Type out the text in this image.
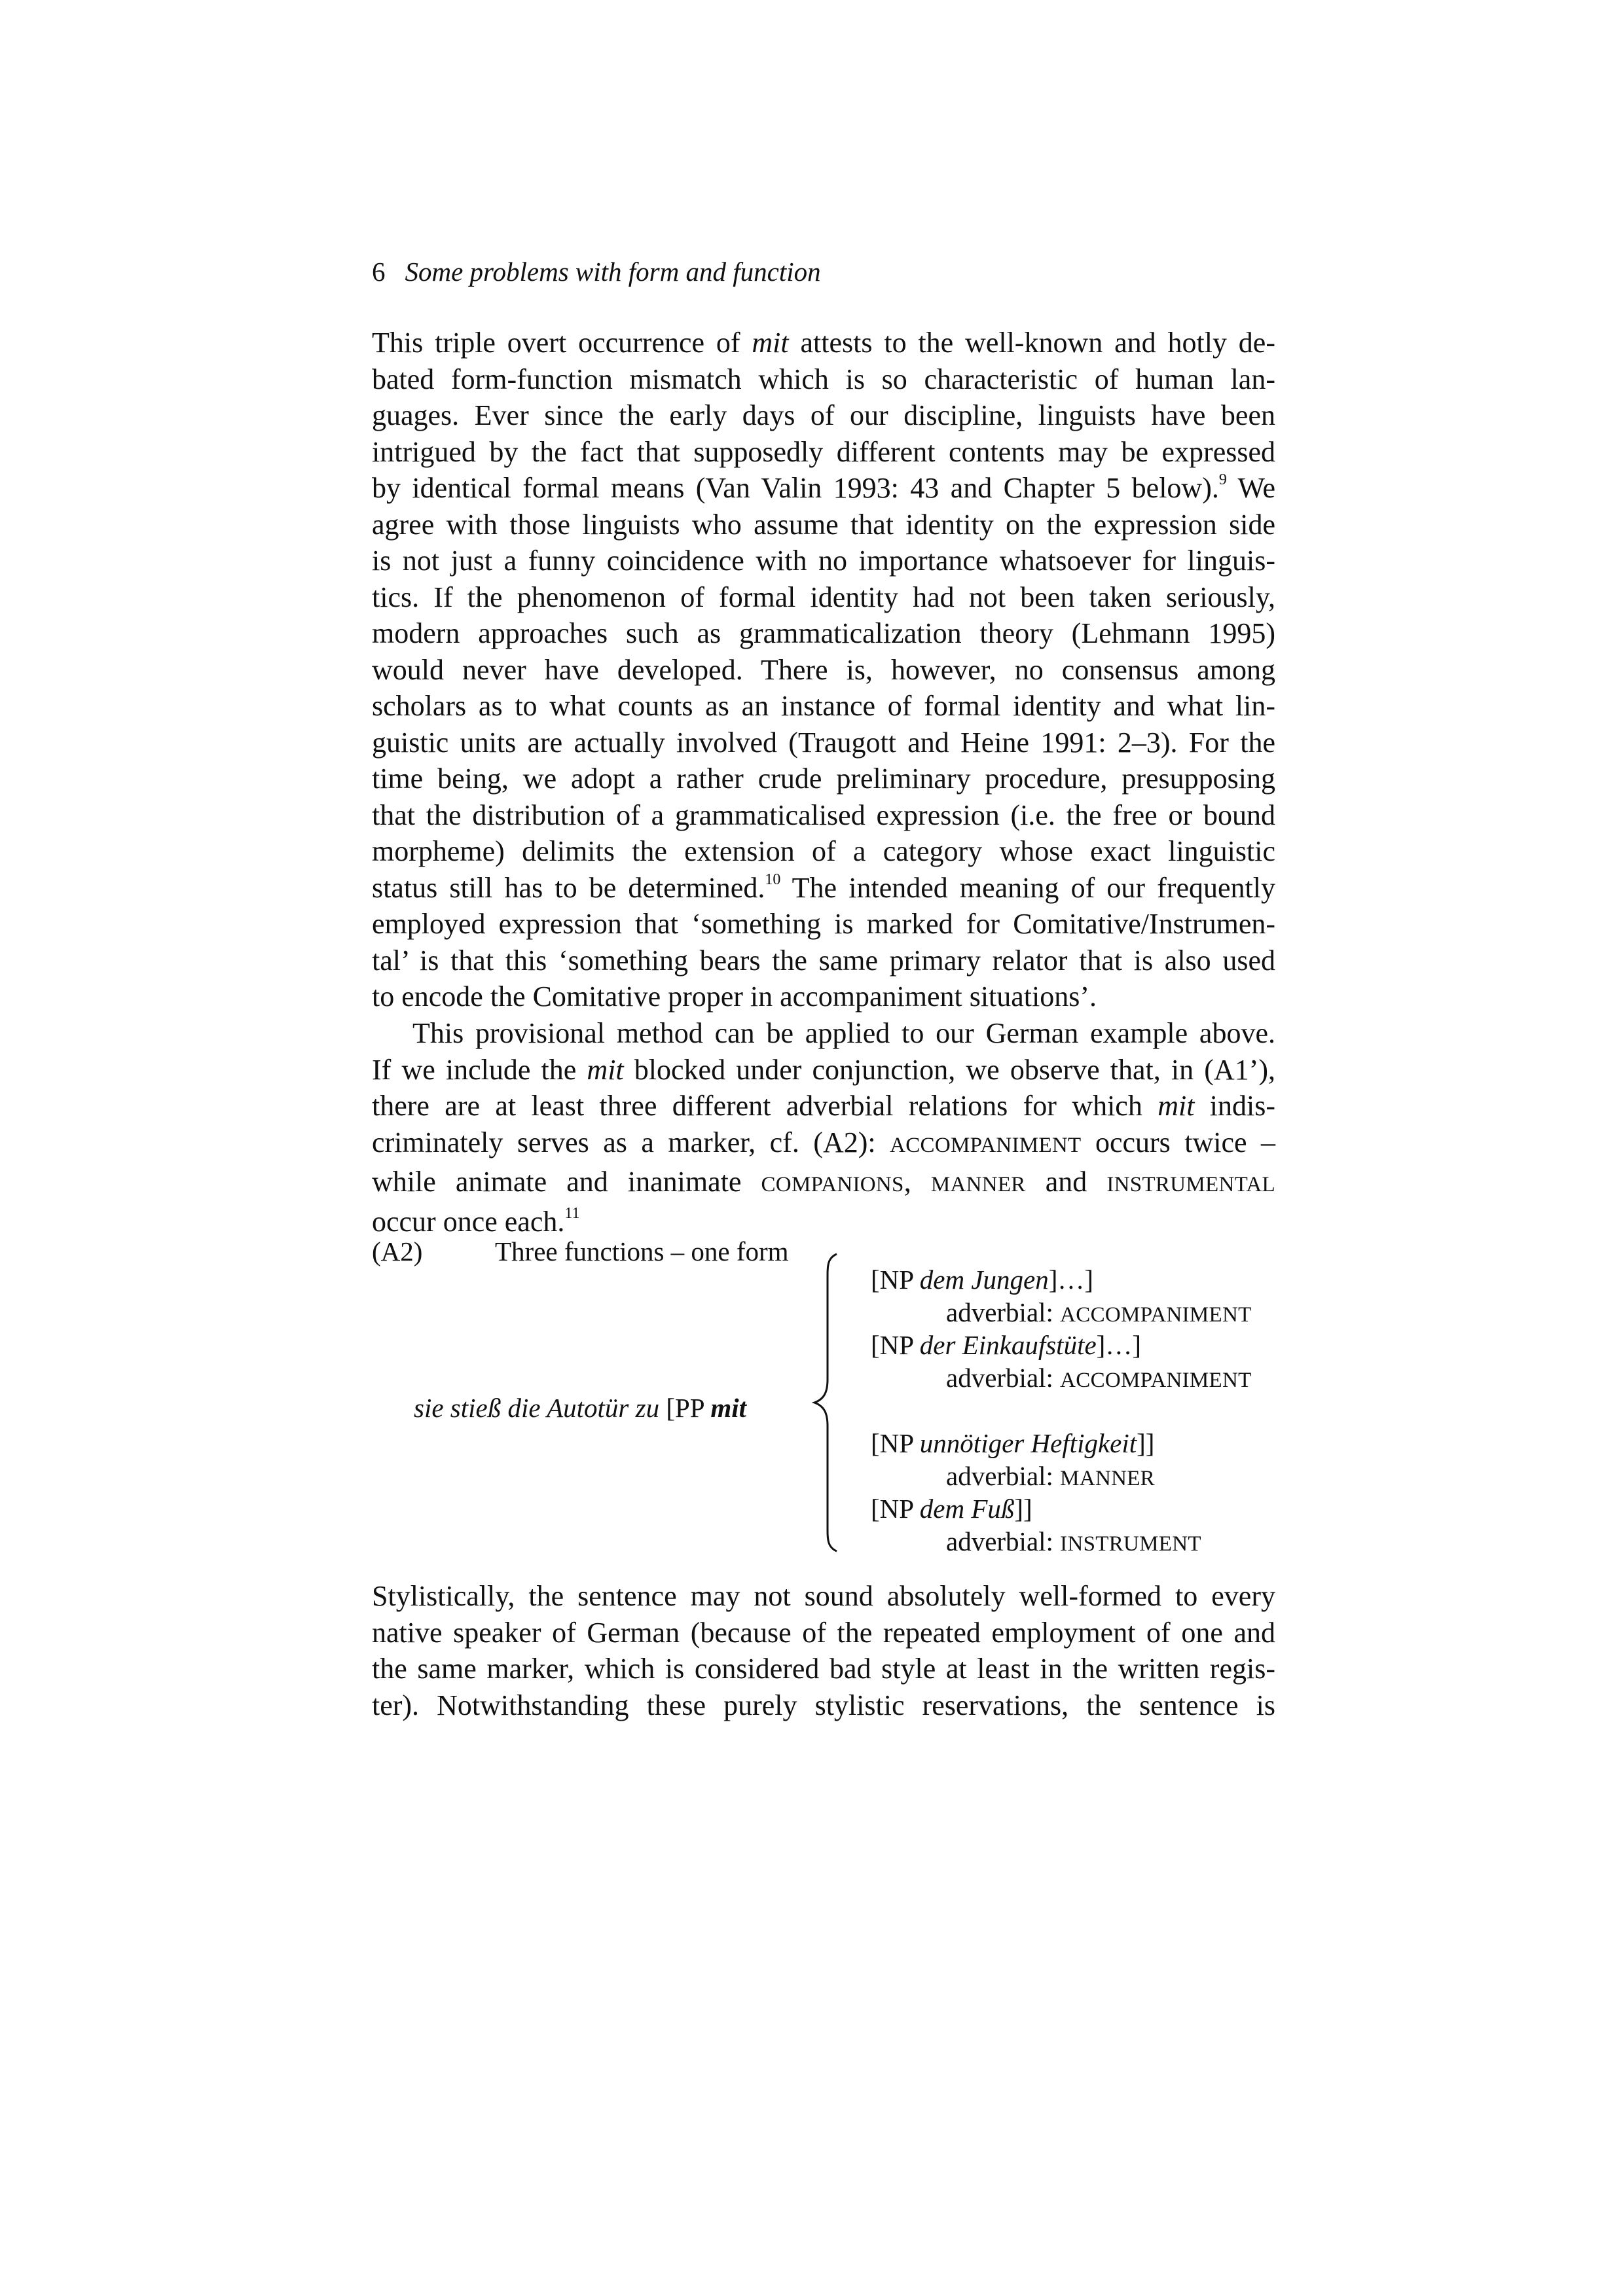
6 Some problems with form and function
This triple overt occurrence of mit attests to the well-known and hotly de-
bated form-function mismatch which is so characteristic of human lan-
guages. Ever since the early days of our discipline, linguists have been
intrigued by the fact that supposedly different contents may be expressed
by identical formal means (Van Valin 1993: 43 and Chapter 5 below).$^9$ We
agree with those linguists who assume that identity on the expression side
is not just a funny coincidence with no importance whatsoever for linguis-
tics. If the phenomenon of formal identity had not been taken seriously,
modern approaches such as grammaticalization theory (Lehmann 1995)
would never have developed. There is, however, no consensus among
scholars as to what counts as an instance of formal identity and what lin-
guistic units are actually involved (Traugott and Heine 1991: 2–3). For the
time being, we adopt a rather crude preliminary procedure, presupposing
that the distribution of a grammaticalised expression (i.e. the free or bound
morpheme) delimits the extension of a category whose exact linguistic
status still has to be determined.$^{10}$ The intended meaning of our frequently
employed expression that ‘something is marked for Comitative/Instrumen-
tal’ is that this ‘something bears the same primary relator that is also used
to encode the Comitative proper in accompaniment situations’.
This provisional method can be applied to our German example above.
If we include the mit blocked under conjunction, we observe that, in (A1’),
there are at least three different adverbial relations for which mit indis-
criminately serves as a marker, cf. (A2): ACCOMPANIMENT occurs twice –
while animate and inanimate COMPANIONS, MANNER and INSTRUMENTAL
occur once each.$^{11}$
(A2)	Three functions – one form
sie stieß die Autotür zu [PP mit
[NP dem Jungen]…]
adverbial: ACCOMPANIMENT
[NP der Einkaufstüte]…]
adverbial: ACCOMPANIMENT
[NP unnötiger Heftigkeit]]
adverbial: MANNER
[NP dem Fuß]]
adverbial: INSTRUMENT
Stylistically, the sentence may not sound absolutely well-formed to every
native speaker of German (because of the repeated employment of one and
the same marker, which is considered bad style at least in the written regis-
ter). Notwithstanding these purely stylistic reservations, the sentence is
